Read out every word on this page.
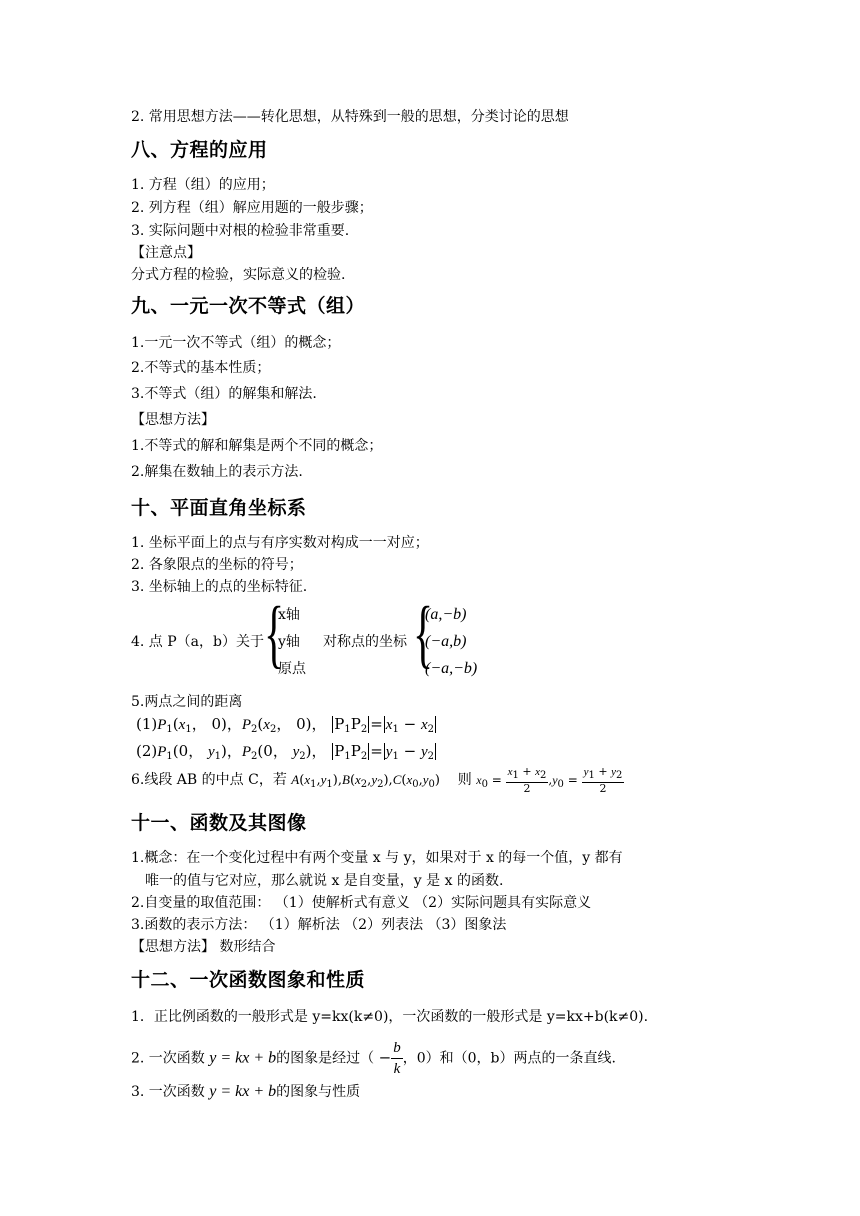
2. 常用思想方法——转化思想，从特殊到一般的思想，分类讨论的思想
八、方程的应用
1. 方程（组）的应用；
2. 列方程（组）解应用题的一般步骤；
3. 实际问题中对根的检验非常重要.
【注意点】
分式方程的检验，实际意义的检验.
九、一元一次不等式（组）
1.一元一次不等式（组）的概念；
2.不等式的基本性质；
3.不等式（组）的解集和解法.
【思想方法】
1.不等式的解和解集是两个不同的概念；
2.解集在数轴上的表示方法.
十、平面直角坐标系
1. 坐标平面上的点与有序实数对构成一一对应；
2. 各象限点的坐标的符号；
3. 坐标轴上的点的坐标特征.
4. 点 P（a，b）关于 {
x轴
y轴
原点
对称点的坐标 {
(a,−b)
(−a,b)
(−a,−b)
5.两点之间的距离
$(1)P_1(x_1$， 0)，$P_2(x_2$， 0)， $P_1P_2 = x_1 - x_2$
$(2)P_1(0$， $y_1$)，$P_2(0$， $y_2$)， $P_1P_2 = y_1 - y_2$
6.线段 AB 的中点 C，若 $A(x_1,y_1),B(x_2,y_2),C(x_0,y_0)$ 则 $x_0 = \frac{x1 + x2}{2} ,y_0 = \frac{y1 + y2}{2}$
十一、函数及其图像
1.概念：在一个变化过程中有两个变量 x 与 y，如果对于 x 的每一个值，y 都有
唯一的值与它对应，那么就说 x 是自变量，y 是 x 的函数.
2.自变量的取值范围： （1）使解析式有意义 （2）实际问题具有实际意义
3.函数的表示方法： （1）解析法 （2）列表法 （3）图象法
【思想方法】 数形结合
十二、一次函数图象和性质
1．正比例函数的一般形式是 y=kx(k≠0)，一次函数的一般形式是 y=kx+b(k≠0).
2. 一次函数 y = kx + b的图象是经过（ − $\frac{b}{k}$ ，0）和（0，b）两点的一条直线.
3. 一次函数 y = kx + b的图象与性质
